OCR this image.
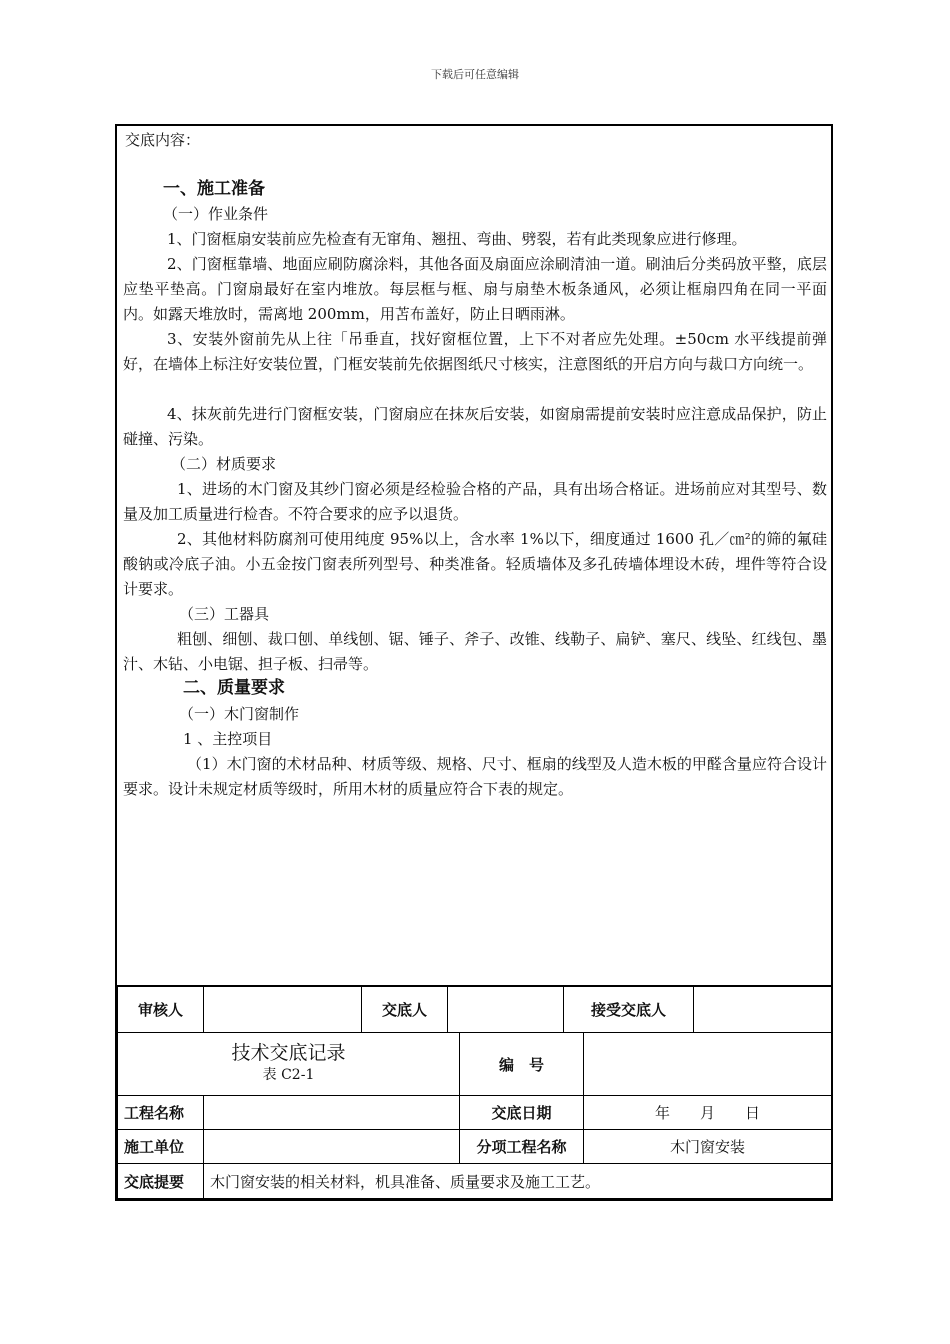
下载后可任意编辑
交底内容：
一、施工准备
（一）作业条件
1、门窗框扇安装前应先检查有无窜角、翘扭、弯曲、劈裂，若有此类现象应进行修理。
2、门窗框靠墙、地面应刷防腐涂料，其他各面及扇面应涂刷清油一道。刷油后分类码放平整，底层应垫平垫高。门窗扇最好在室内堆放。每层框与框、扇与扇垫木板条通风，必须让框扇四角在同一平面内。如露天堆放时，需离地 200mm，用苫布盖好，防止日晒雨淋。
3、安装外窗前先从上往「吊垂直，找好窗框位置，上下不对者应先处理。±50cm 水平线提前弹好，在墙体上标注好安装位置，门框安装前先依据图纸尺寸核实，注意图纸的开启方向与裁口方向统一。
4、抹灰前先进行门窗框安装，门窗扇应在抹灰后安装，如窗扇需提前安装时应注意成品保护，防止碰撞、污染。
（二）材质要求
1、进场的木门窗及其纱门窗必须是经检验合格的产品，具有出场合格证。进场前应对其型号、数量及加工质量进行检杳。不符合要求的应予以退货。
2、其他材料防腐剂可使用纯度 95%以上，含水率 1%以下，细度通过 1600 孔／㎝²的筛的氟硅酸钠或冷底子油。小五金按门窗表所列型号、种类准备。轻质墙体及多孔砖墙体埋设木砖，埋件等符合设计要求。
（三）工器具
粗刨、细刨、裁口刨、单线刨、锯、锤子、斧子、改锥、线勒子、扁铲、塞尺、线坠、红线包、墨汁、木钻、小电锯、担子板、扫帚等。
二、质量要求
（一）木门窗制作
1 、主控项目
（1）木门窗的术材品种、材质等级、规格、尺寸、框扇的线型及人造木板的甲醛含量应符合设计要求。设计未规定材质等级时，所用木材的质量应符合下表的规定。
审核人		交底人		接受交底人	
技术交底记录
表 C2-1		编　号	
工程名称		交底日期	年　　月　　日
施工单位		分项工程名称	木门窗安装
交底提要	木门窗安装的相关材料，机具准备、质量要求及施工工艺。		
